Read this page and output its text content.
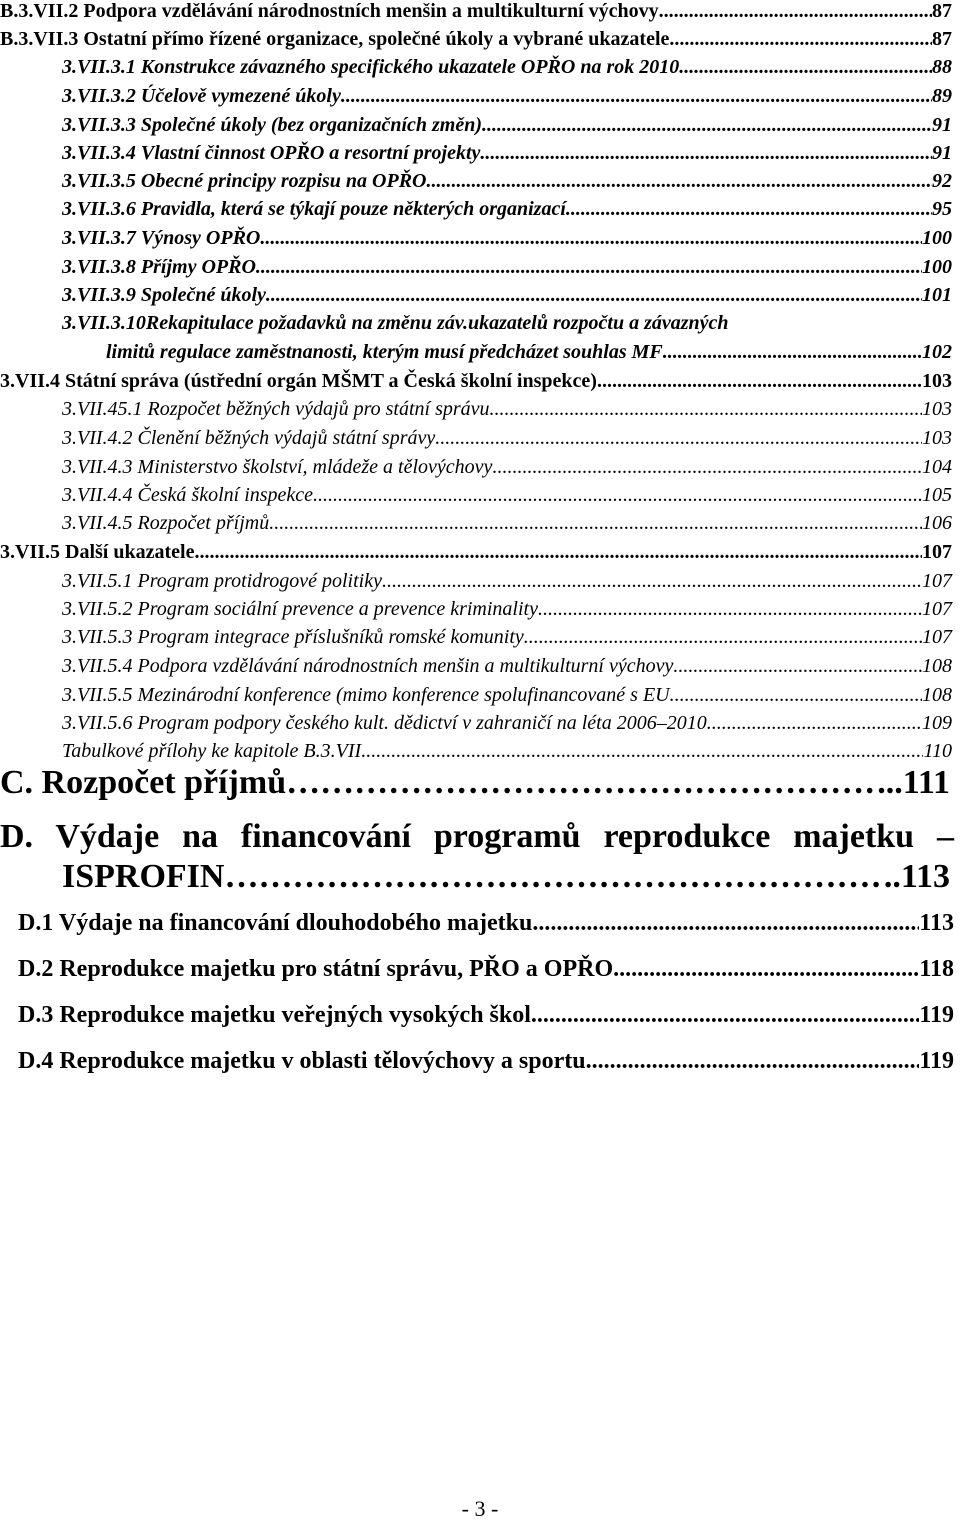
B.3.VII.2 Podpora vzdělávání národnostních menšin a multikulturní výchovy .....	87
B.3.VII.3 Ostatní přímo řízené organizace, společné úkoly a vybrané ukazatele .....	87
3.VII.3.1 Konstrukce závazného specifického ukazatele OPŘO na rok 2010 .....	88
3.VII.3.2 Účelově vymezené úkoly .....	89
3.VII.3.3 Společné úkoly (bez organizačních změn) .....	91
3.VII.3.4 Vlastní činnost OPŘO a resortní projekty .....	91
3.VII.3.5 Obecné principy rozpisu na OPŘO .....	92
3.VII.3.6 Pravidla, která se týkají pouze některých organizací .....	95
3.VII.3.7 Výnosy OPŘO .....	100
3.VII.3.8 Příjmy OPŘO .....	100
3.VII.3.9 Společné úkoly .....	101
3.VII.3.10Rekapitulace požadavků na změnu záv.ukazatelů rozpočtu a závazných
limitů regulace zaměstnanosti, kterým musí předcházet souhlas MF .....	102
3.VII.4 Státní správa (ústřední orgán MŠMT a Česká školní inspekce) .....	103
3.VII.45.1 Rozpočet běžných výdajů pro státní správu .....	103
3.VII.4.2 Členění běžných výdajů státní správy .....	103
3.VII.4.3 Ministerstvo školství, mládeže a tělovýchovy .....	104
3.VII.4.4 Česká školní inspekce .....	105
3.VII.4.5 Rozpočet příjmů .....	106
3.VII.5 Další ukazatele .....	107
3.VII.5.1 Program protidrogové politiky .....	107
3.VII.5.2 Program sociální prevence a prevence kriminality .....	107
3.VII.5.3 Program integrace příslušníků romské komunity .....	107
3.VII.5.4 Podpora vzdělávání národnostních menšin a multikulturní výchovy .....	108
3.VII.5.5 Mezinárodní konference (mimo konference spolufinancované s EU .....	108
3.VII.5.6 Program podpory českého kult. dědictví v zahraničí na léta 2006–2010 .....	109
Tabulkové přílohy ke kapitole B.3.VII .....	110
C. Rozpočet příjmů …………………………………………………………………………………………………………………………………………………………………………………	...111
D. Výdaje na financování programů reprodukce majetku –
ISPROFIN …………………………………………………………………………………………………………………………………………………………………………………	..113
D.1 Výdaje na financování dlouhodobého majetku .....	113
D.2 Reprodukce majetku pro státní správu, PŘO a OPŘO .....	118
D.3 Reprodukce majetku veřejných vysokých škol .....	119
D.4 Reprodukce majetku v oblasti tělovýchovy a sportu .....	119
- 3 -
